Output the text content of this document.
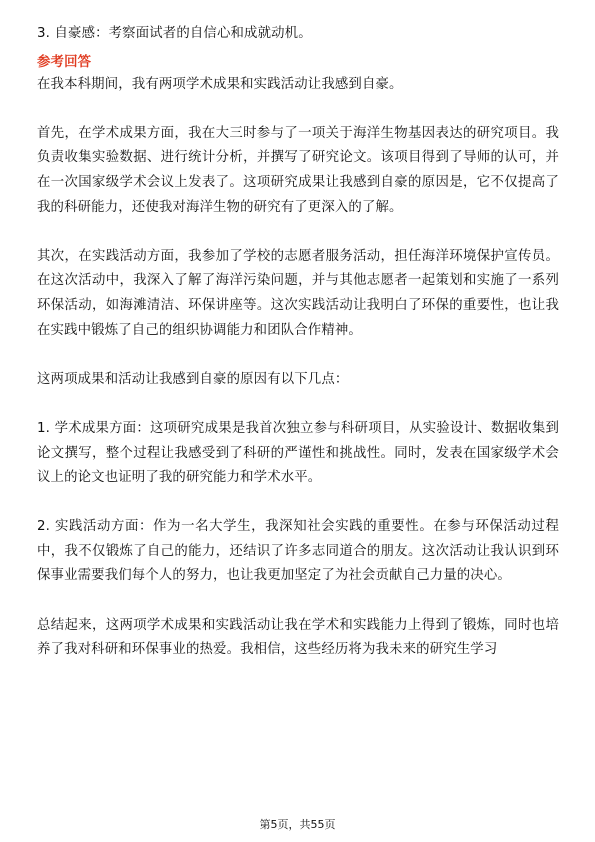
3. 自豪感：考察面试者的自信心和成就动机。

参考回答

在我本科期间，我有两项学术成果和实践活动让我感到自豪。

首先，在学术成果方面，我在大三时参与了一项关于海洋生物基因表达的研究项目。我负责收集实验数据、进行统计分析，并撰写了研究论文。该项目得到了导师的认可，并在一次国家级学术会议上发表了。这项研究成果让我感到自豪的原因是，它不仅提高了我的科研能力，还使我对海洋生物的研究有了更深入的了解。

其次，在实践活动方面，我参加了学校的志愿者服务活动，担任海洋环境保护宣传员。在这次活动中，我深入了解了海洋污染问题，并与其他志愿者一起策划和实施了一系列环保活动，如海滩清洁、环保讲座等。这次实践活动让我明白了环保的重要性，也让我在实践中锻炼了自己的组织协调能力和团队合作精神。

这两项成果和活动让我感到自豪的原因有以下几点：

1. 学术成果方面：这项研究成果是我首次独立参与科研项目，从实验设计、数据收集到论文撰写，整个过程让我感受到了科研的严谨性和挑战性。同时，发表在国家级学术会议上的论文也证明了我的研究能力和学术水平。

2. 实践活动方面：作为一名大学生，我深知社会实践的重要性。在参与环保活动过程中，我不仅锻炼了自己的能力，还结识了许多志同道合的朋友。这次活动让我认识到环保事业需要我们每个人的努力，也让我更加坚定了为社会贡献自己力量的决心。

总结起来，这两项学术成果和实践活动让我在学术和实践能力上得到了锻炼，同时也培养了我对科研和环保事业的热爱。我相信，这些经历将为我未来的研究生学习

第5页，共55页
